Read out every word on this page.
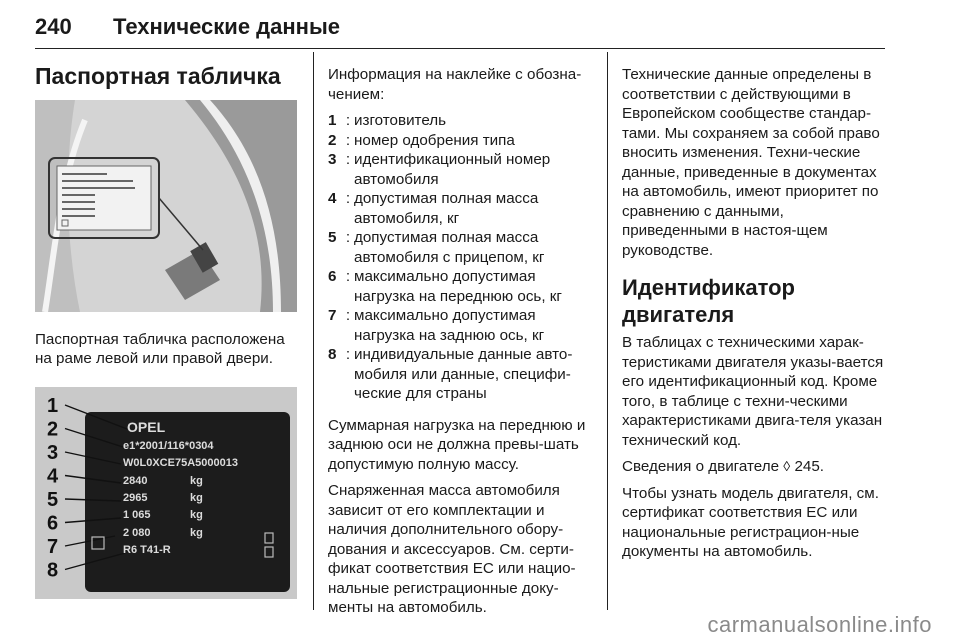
240 Технические данные
Паспортная табличка

Паспортная табличка расположена на раме левой или правой двери.

1
2
3
4
5
6
7
8
OPEL
e1*2001/116*0304
W0L0XCE75A5000013
2840
2965
1 065
2 080
R6 T41-R
kg
kg
kg
kg

Информация на наклейке с обозна-чением:

1 : изготовитель
2 : номер одобрения типа
3 : идентификационный номер автомобиля
4 : допустимая полная масса автомобиля, кг
5 : допустимая полная масса автомобиля с прицепом, кг
6 : максимально допустимая нагрузка на переднюю ось, кг
7 : максимально допустимая нагрузка на заднюю ось, кг
8 : индивидуальные данные авто-мобиля или данные, специфи-ческие для страны

Суммарная нагрузка на переднюю и заднюю оси не должна превы-шать допустимую полную массу.

Снаряженная масса автомобиля зависит от его комплектации и наличия дополнительного обору-дования и аксессуаров. См. серти-фикат соответствия ЕС или нацио-нальные регистрационные доку-менты на автомобиль.

Технические данные определены в соответствии с действующими в Европейском сообществе стандар-тами. Мы сохраняем за собой право вносить изменения. Техни-ческие данные, приведенные в документах на автомобиль, имеют приоритет по сравнению с данными, приведенными в настоя-щем руководстве.

Идентификатор двигателя

В таблицах с техническими харак-теристиками двигателя указы-вается его идентификационный код. Кроме того, в таблице с техни-ческими характеристиками двига-теля указан технический код.

Сведения о двигателе ◊ 245.

Чтобы узнать модель двигателя, см. сертификат соответствия ЕС или национальные регистрацион-ные документы на автомобиль.

carmanualsonline.info
